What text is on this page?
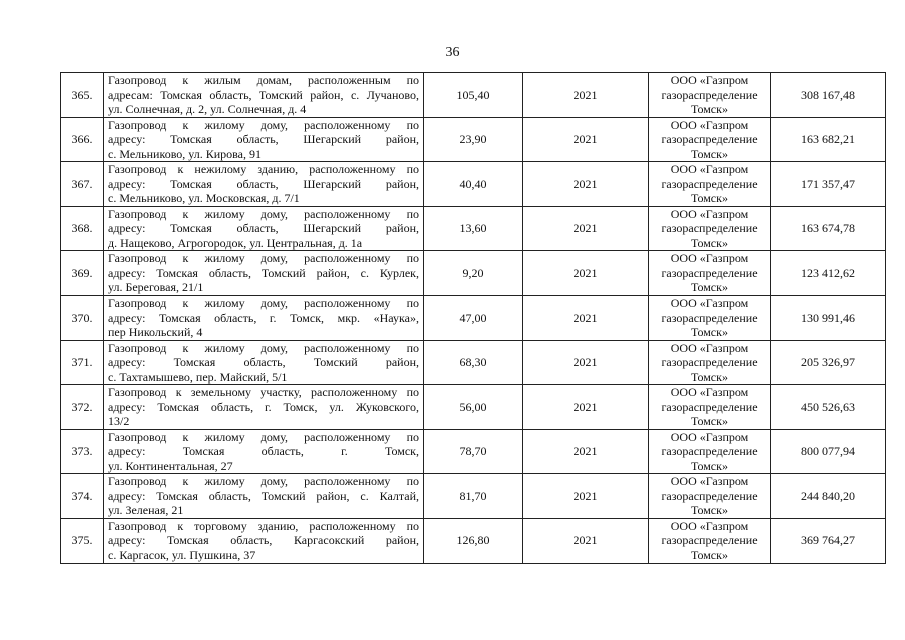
36
365.	Газопровод к жилым домам, расположенным по
адресам: Томская область, Томский район, с. Лучаново,
ул. Солнечная, д. 2, ул. Солнечная, д. 4	105,40	2021	ООО «Газпром
газораспределение
Томск»	308 167,48
366.	Газопровод к жилому дому, расположенному по
адресу: Томская область, Шегарский район,
с. Мельниково, ул. Кирова, 91	23,90	2021	ООО «Газпром
газораспределение
Томск»	163 682,21
367.	Газопровод к нежилому зданию, расположенному по
адресу: Томская область, Шегарский район,
с. Мельниково, ул. Московская, д. 7/1	40,40	2021	ООО «Газпром
газораспределение
Томск»	171 357,47
368.	Газопровод к жилому дому, расположенному по
адресу: Томская область, Шегарский район,
д. Нащеково, Агрогородок, ул. Центральная, д. 1а	13,60	2021	ООО «Газпром
газораспределение
Томск»	163 674,78
369.	Газопровод к жилому дому, расположенному по
адресу: Томская область, Томский район, с. Курлек,
ул. Береговая, 21/1	9,20	2021	ООО «Газпром
газораспределение
Томск»	123 412,62
370.	Газопровод к жилому дому, расположенному по
адресу: Томская область, г. Томск, мкр. «Наука»,
пер Никольский, 4	47,00	2021	ООО «Газпром
газораспределение
Томск»	130 991,46
371.	Газопровод к жилому дому, расположенному по
адресу: Томская область, Томский район,
с. Тахтамышево, пер. Майский, 5/1	68,30	2021	ООО «Газпром
газораспределение
Томск»	205 326,97
372.	Газопровод к земельному участку, расположенному по
адресу: Томская область, г. Томск, ул. Жуковского,
13/2	56,00	2021	ООО «Газпром
газораспределение
Томск»	450 526,63
373.	Газопровод к жилому дому, расположенному по
адресу: Томская область, г. Томск,
ул. Континентальная, 27	78,70	2021	ООО «Газпром
газораспределение
Томск»	800 077,94
374.	Газопровод к жилому дому, расположенному по
адресу: Томская область, Томский район, с. Калтай,
ул. Зеленая, 21	81,70	2021	ООО «Газпром
газораспределение
Томск»	244 840,20
375.	Газопровод к торговому зданию, расположенному по
адресу: Томская область, Каргасокский район,
с. Каргасок, ул. Пушкина, 37	126,80	2021	ООО «Газпром
газораспределение
Томск»	369 764,27
